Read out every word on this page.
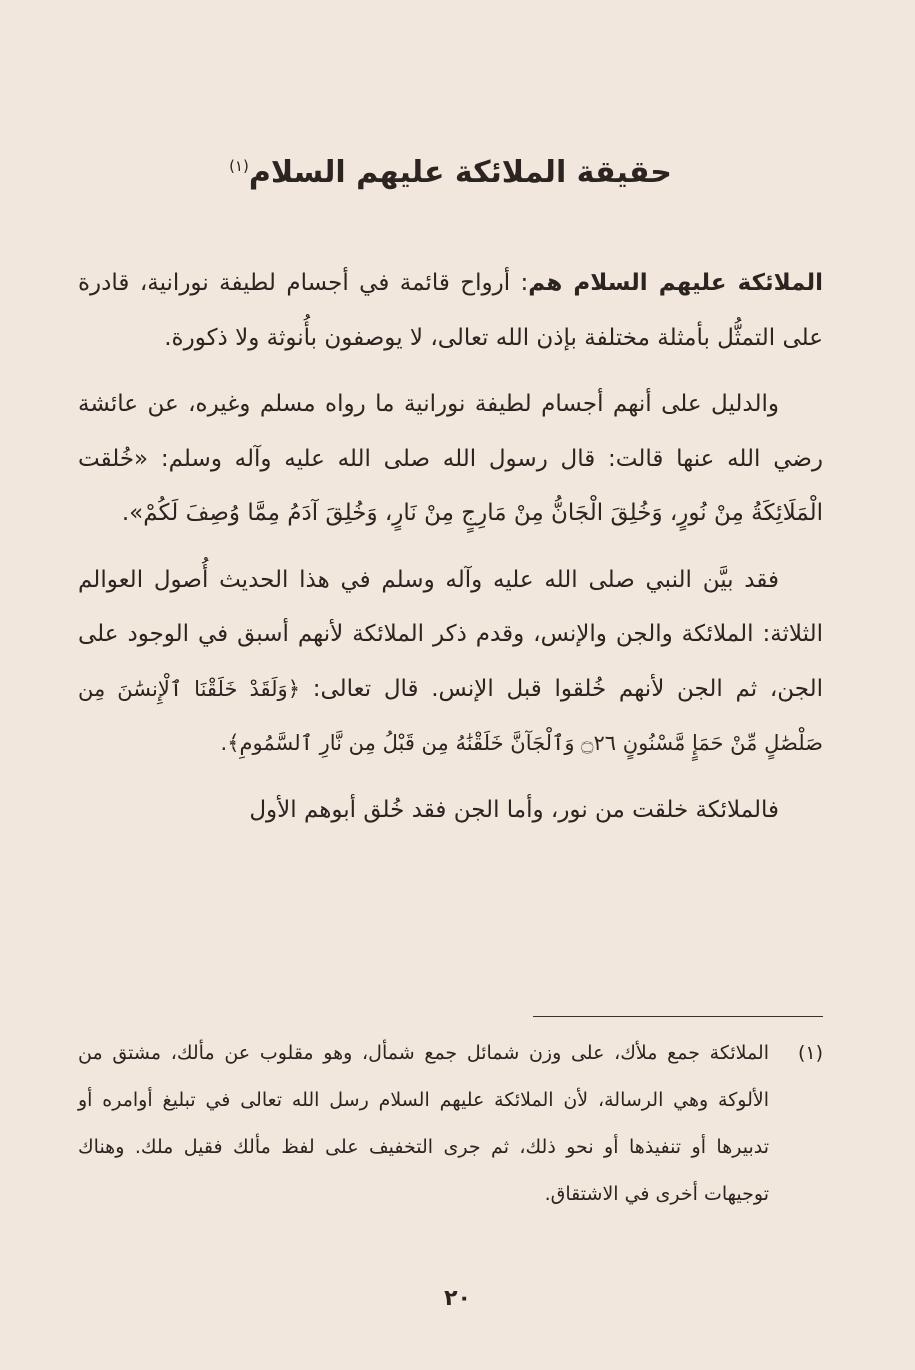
حقيقة الملائكة عليهم السلام$^{(١)}$

الملائكة عليهم السلام هم: أرواح قائمة في أجسام لطيفة نورانية، قادرة على التمثُّل بأمثلة مختلفة بإذن الله تعالى، لا يوصفون بأُنوثة ولا ذكورة.

والدليل على أنهم أجسام لطيفة نورانية ما رواه مسلم وغيره، عن عائشة رضي الله عنها قالت: قال رسول الله صلى الله عليه وآله وسلم: «خُلقت الْمَلَائِكَةُ مِنْ نُورٍ، وَخُلِقَ الْجَانُّ مِنْ مَارِجٍ مِنْ نَارٍ، وَخُلِقَ آدَمُ مِمَّا وُصِفَ لَكُمْ».

فقد بيَّن النبي صلى الله عليه وآله وسلم في هذا الحديث أُصول العوالم الثلاثة: الملائكة والجن والإنس، وقدم ذكر الملائكة لأنهم أسبق في الوجود على الجن، ثم الجن لأنهم خُلقوا قبل الإنس. قال تعالى: ﴿وَلَقَدْ خَلَقْنَا ٱلْإِنسَٰنَ مِن صَلْصَٰلٍ مِّنْ حَمَإٍ مَّسْنُونٍ ۝٢٦ وَٱلْجَآنَّ خَلَقْنَٰهُ مِن قَبْلُ مِن نَّارِ ٱلسَّمُومِ﴾.

فالملائكة خلقت من نور، وأما الجن فقد خُلق أبوهم الأول

(١)
الملائكة جمع ملأك، على وزن شمائل جمع شمأل، وهو مقلوب عن مألك، مشتق من الألوكة وهي الرسالة، لأن الملائكة عليهم السلام رسل الله تعالى في تبليغ أوامره أو تدبيرها أو تنفيذها أو نحو ذلك، ثم جرى التخفيف على لفظ مألك فقيل ملك. وهناك توجيهات أخرى في الاشتقاق.
٢٠
